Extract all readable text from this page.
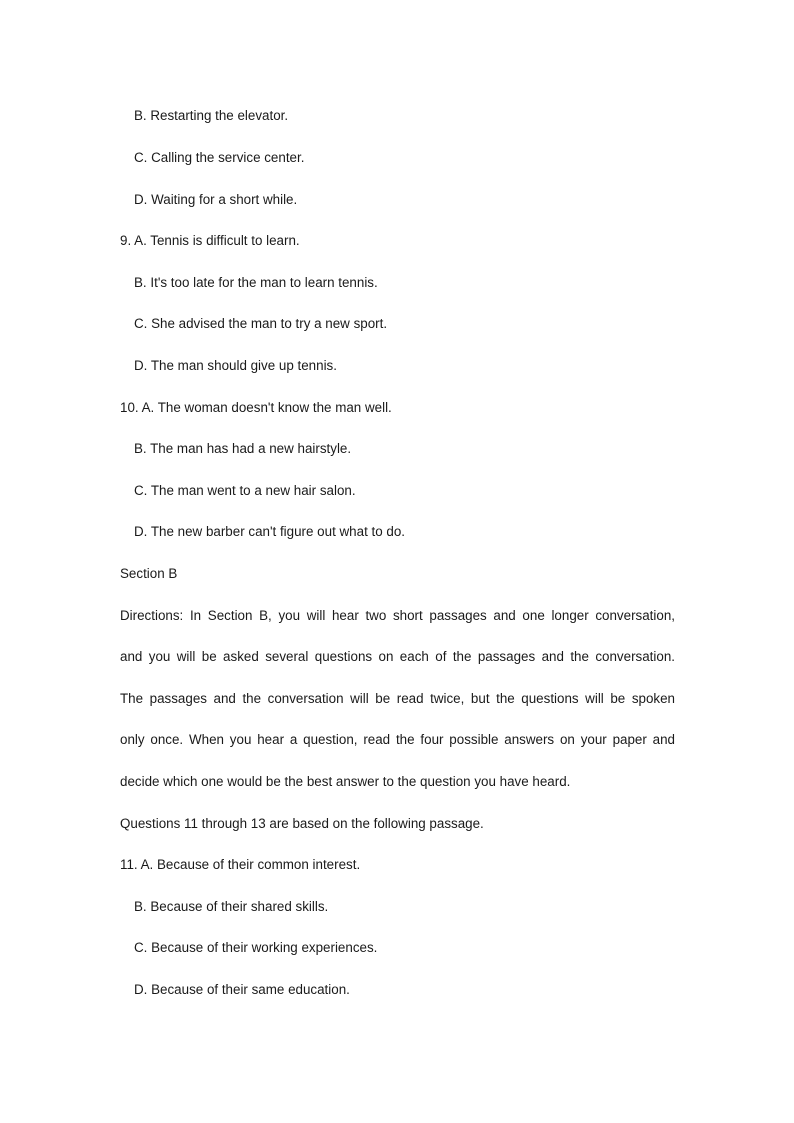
B. Restarting the elevator.
C. Calling the service center.
D. Waiting for a short while.
9. A. Tennis is difficult to learn.
B. It's too late for the man to learn tennis.
C. She advised the man to try a new sport.
D. The man should give up tennis.
10. A. The woman doesn't know the man well.
B. The man has had a new hairstyle.
C. The man went to a new hair salon.
D. The new barber can't figure out what to do.
Section B
Directions: In Section B, you will hear two short passages and one longer conversation,
and you will be asked several questions on each of the passages and the conversation.
The passages and the conversation will be read twice, but the questions will be spoken
only once. When you hear a question, read the four possible answers on your paper and
decide which one would be the best answer to the question you have heard.
Questions 11 through 13 are based on the following passage.
11. A. Because of their common interest.
B. Because of their shared skills.
C. Because of their working experiences.
D. Because of their same education.
